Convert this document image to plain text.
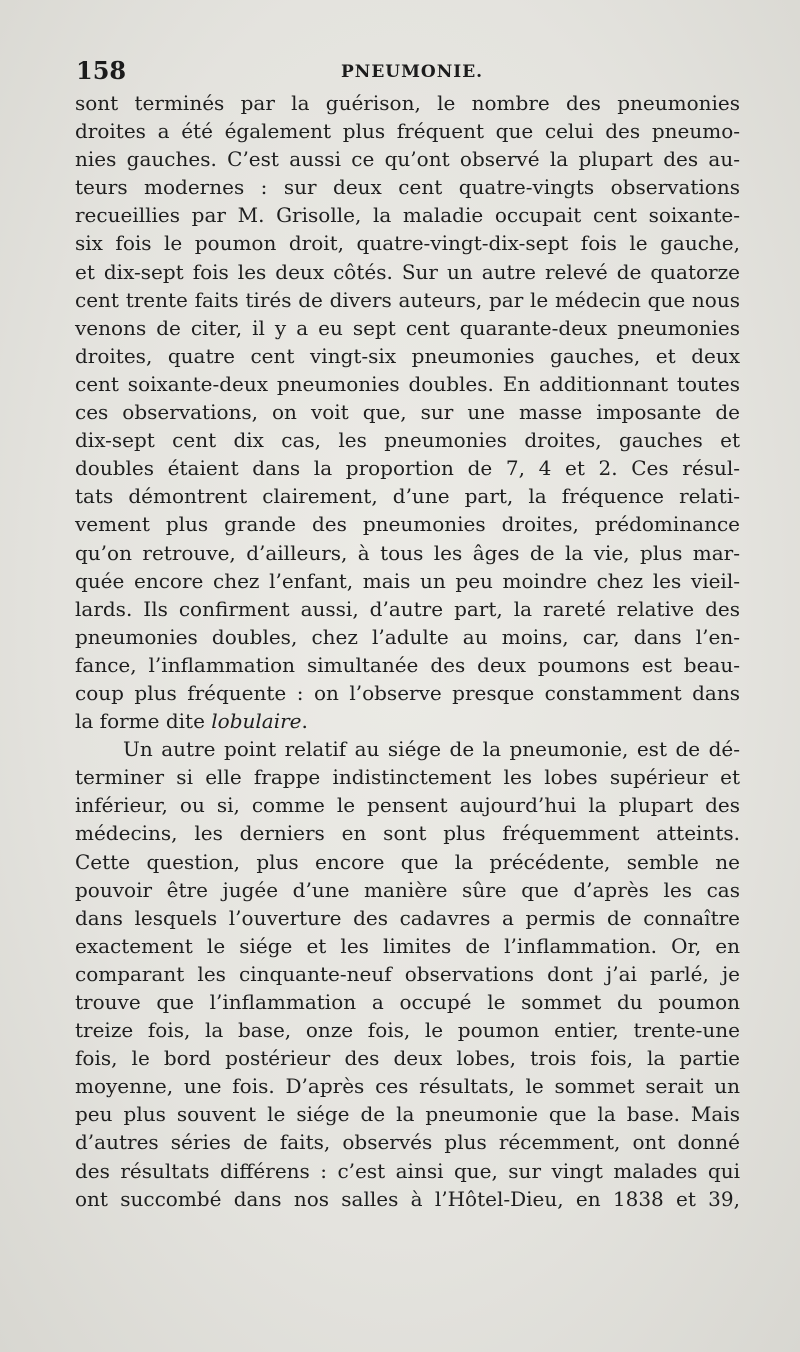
158	PNEUMONIE.
sont terminés par la guérison, le nombre des pneumonies
droites a été également plus fréquent que celui des pneumo-
nies gauches. C’est aussi ce qu’ont observé la plupart des au-
teurs modernes : sur deux cent quatre-vingts observations
recueillies par M. Grisolle, la maladie occupait cent soixante-
six fois le poumon droit, quatre-vingt-dix-sept fois le gauche,
et dix-sept fois les deux côtés. Sur un autre relevé de quatorze
cent trente faits tirés de divers auteurs, par le médecin que nous
venons de citer, il y a eu sept cent quarante-deux pneumonies
droites, quatre cent vingt-six pneumonies gauches, et deux
cent soixante-deux pneumonies doubles. En additionnant toutes
ces observations, on voit que, sur une masse imposante de
dix-sept cent dix cas, les pneumonies droites, gauches et
doubles étaient dans la proportion de 7, 4 et 2. Ces résul-
tats démontrent clairement, d’une part, la fréquence relati-
vement plus grande des pneumonies droites, prédominance
qu’on retrouve, d’ailleurs, à tous les âges de la vie, plus mar-
quée encore chez l’enfant, mais un peu moindre chez les vieil-
lards. Ils confirment aussi, d’autre part, la rareté relative des
pneumonies doubles, chez l’adulte au moins, car, dans l’en-
fance, l’inflammation simultanée des deux poumons est beau-
coup plus fréquente : on l’observe presque constamment dans
la forme dite lobulaire.
Un autre point relatif au siége de la pneumonie, est de dé-
terminer si elle frappe indistinctement les lobes supérieur et
inférieur, ou si, comme le pensent aujourd’hui la plupart des
médecins, les derniers en sont plus fréquemment atteints.
Cette question, plus encore que la précédente, semble ne
pouvoir être jugée d’une manière sûre que d’après les cas
dans lesquels l’ouverture des cadavres a permis de connaître
exactement le siége et les limites de l’inflammation. Or, en
comparant les cinquante-neuf observations dont j’ai parlé, je
trouve que l’inflammation a occupé le sommet du poumon
treize fois, la base, onze fois, le poumon entier, trente-une
fois, le bord postérieur des deux lobes, trois fois, la partie
moyenne, une fois. D’après ces résultats, le sommet serait un
peu plus souvent le siége de la pneumonie que la base. Mais
d’autres séries de faits, observés plus récemment, ont donné
des résultats différens : c’est ainsi que, sur vingt malades qui
ont succombé dans nos salles à l’Hôtel-Dieu, en 1838 et 39,
